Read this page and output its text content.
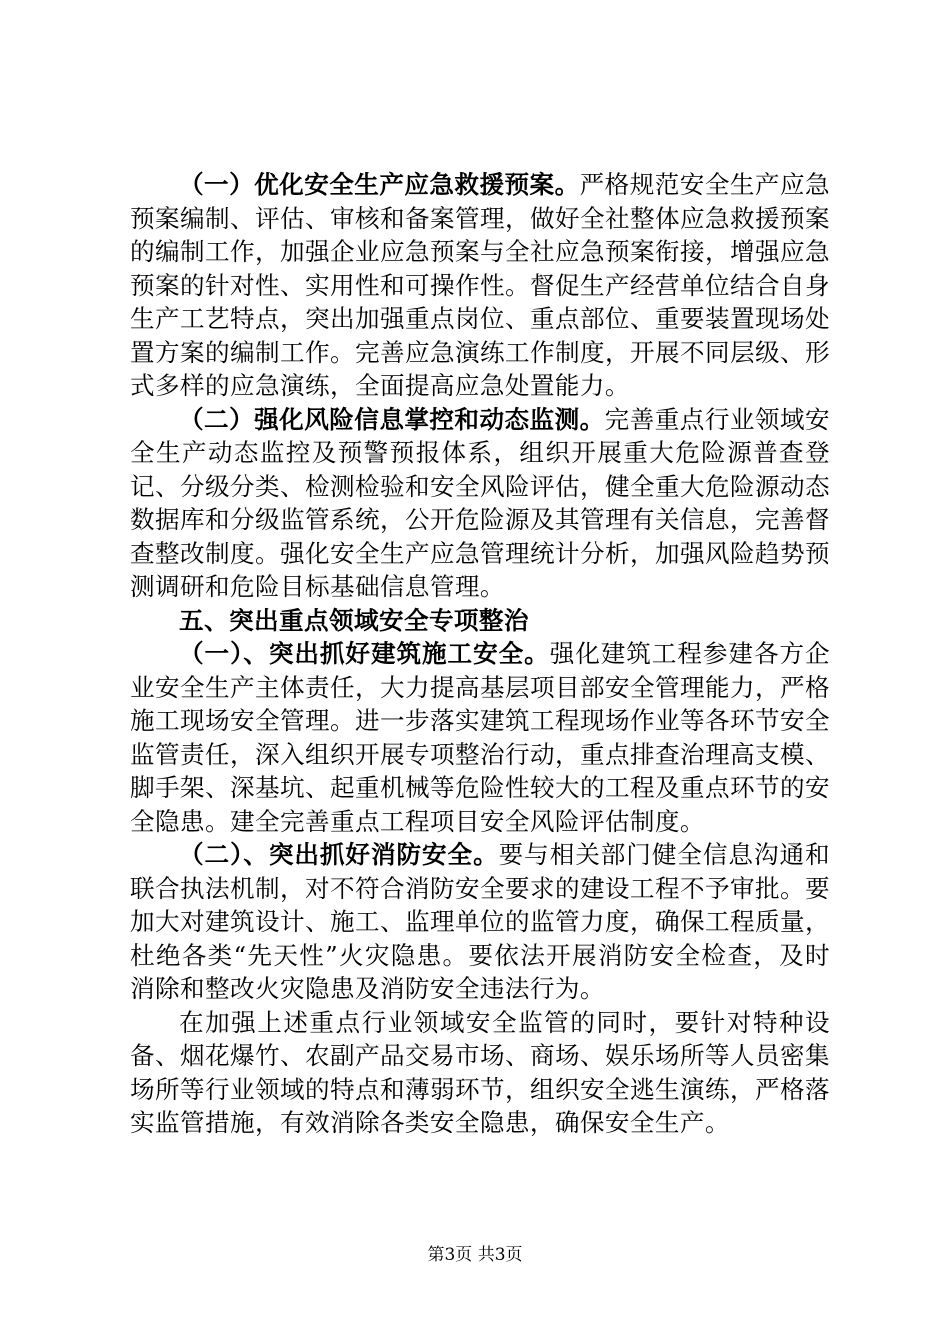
（一）优化安全生产应急救援预案。严格规范安全生产应急预案编制、评估、审核和备案管理，做好全社整体应急救援预案的编制工作，加强企业应急预案与全社应急预案衔接，增强应急预案的针对性、实用性和可操作性。督促生产经营单位结合自身生产工艺特点，突出加强重点岗位、重点部位、重要装置现场处置方案的编制工作。完善应急演练工作制度，开展不同层级、形式多样的应急演练，全面提高应急处置能力。

（二）强化风险信息掌控和动态监测。完善重点行业领域安全生产动态监控及预警预报体系，组织开展重大危险源普查登记、分级分类、检测检验和安全风险评估，健全重大危险源动态数据库和分级监管系统，公开危险源及其管理有关信息，完善督查整改制度。强化安全生产应急管理统计分析，加强风险趋势预测调研和危险目标基础信息管理。

五、突出重点领域安全专项整治

（一）、突出抓好建筑施工安全。强化建筑工程参建各方企业安全生产主体责任，大力提高基层项目部安全管理能力，严格施工现场安全管理。进一步落实建筑工程现场作业等各环节安全监管责任，深入组织开展专项整治行动，重点排查治理高支模、脚手架、深基坑、起重机械等危险性较大的工程及重点环节的安全隐患。建全完善重点工程项目安全风险评估制度。

（二）、突出抓好消防安全。要与相关部门健全信息沟通和联合执法机制，对不符合消防安全要求的建设工程不予审批。要加大对建筑设计、施工、监理单位的监管力度，确保工程质量，杜绝各类“先天性”火灾隐患。要依法开展消防安全检查，及时消除和整改火灾隐患及消防安全违法行为。

在加强上述重点行业领域安全监管的同时，要针对特种设备、烟花爆竹、农副产品交易市场、商场、娱乐场所等人员密集场所等行业领域的特点和薄弱环节，组织安全逃生演练，严格落实监管措施，有效消除各类安全隐患，确保安全生产。

第3页 共3页
